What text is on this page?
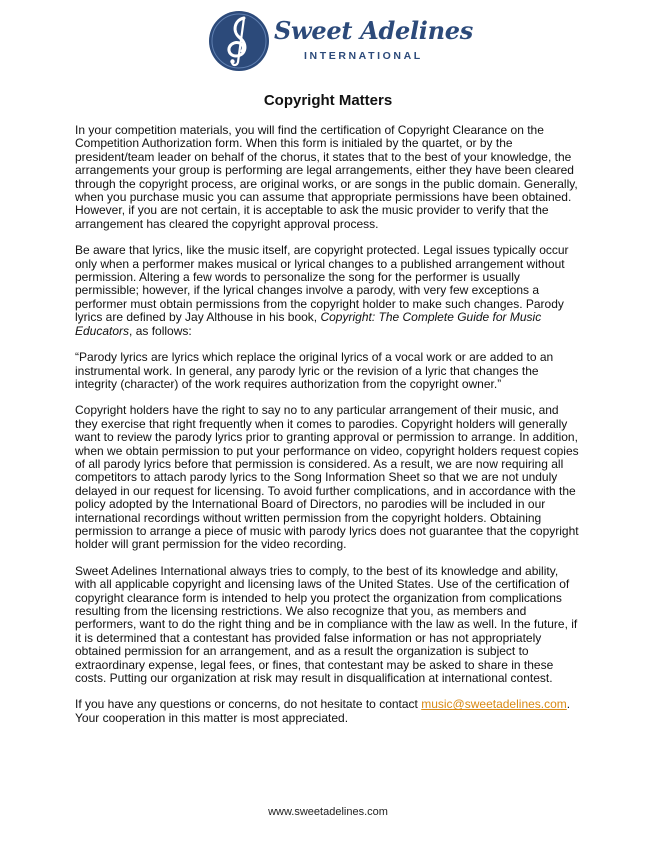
Sweet Adelines
INTERNATIONAL
Copyright Matters

In your competition materials, you will find the certification of Copyright Clearance on the Competition Authorization form. When this form is initialed by the quartet, or by the president/team leader on behalf of the chorus, it states that to the best of your knowledge, the arrangements your group is performing are legal arrangements, either they have been cleared through the copyright process, are original works, or are songs in the public domain. Generally, when you purchase music you can assume that appropriate permissions have been obtained. However, if you are not certain, it is acceptable to ask the music provider to verify that the arrangement has cleared the copyright approval process.

Be aware that lyrics, like the music itself, are copyright protected. Legal issues typically occur only when a performer makes musical or lyrical changes to a published arrangement without permission. Altering a few words to personalize the song for the performer is usually permissible; however, if the lyrical changes involve a parody, with very few exceptions a performer must obtain permissions from the copyright holder to make such changes. Parody lyrics are defined by Jay Althouse in his book, Copyright: The Complete Guide for Music Educators, as follows:

“Parody lyrics are lyrics which replace the original lyrics of a vocal work or are added to an instrumental work. In general, any parody lyric or the revision of a lyric that changes the integrity (character) of the work requires authorization from the copyright owner.”

Copyright holders have the right to say no to any particular arrangement of their music, and they exercise that right frequently when it comes to parodies. Copyright holders will generally want to review the parody lyrics prior to granting approval or permission to arrange. In addition, when we obtain permission to put your performance on video, copyright holders request copies of all parody lyrics before that permission is considered. As a result, we are now requiring all competitors to attach parody lyrics to the Song Information Sheet so that we are not unduly delayed in our request for licensing. To avoid further complications, and in accordance with the policy adopted by the International Board of Directors, no parodies will be included in our international recordings without written permission from the copyright holders. Obtaining permission to arrange a piece of music with parody lyrics does not guarantee that the copyright holder will grant permission for the video recording.

Sweet Adelines International always tries to comply, to the best of its knowledge and ability, with all applicable copyright and licensing laws of the United States. Use of the certification of copyright clearance form is intended to help you protect the organization from complications resulting from the licensing restrictions. We also recognize that you, as members and performers, want to do the right thing and be in compliance with the law as well. In the future, if it is determined that a contestant has provided false information or has not appropriately obtained permission for an arrangement, and as a result the organization is subject to extraordinary expense, legal fees, or fines, that contestant may be asked to share in these costs. Putting our organization at risk may result in disqualification at international contest.

If you have any questions or concerns, do not hesitate to contact music@sweetadelines.com. Your cooperation in this matter is most appreciated.

www.sweetadelines.com
